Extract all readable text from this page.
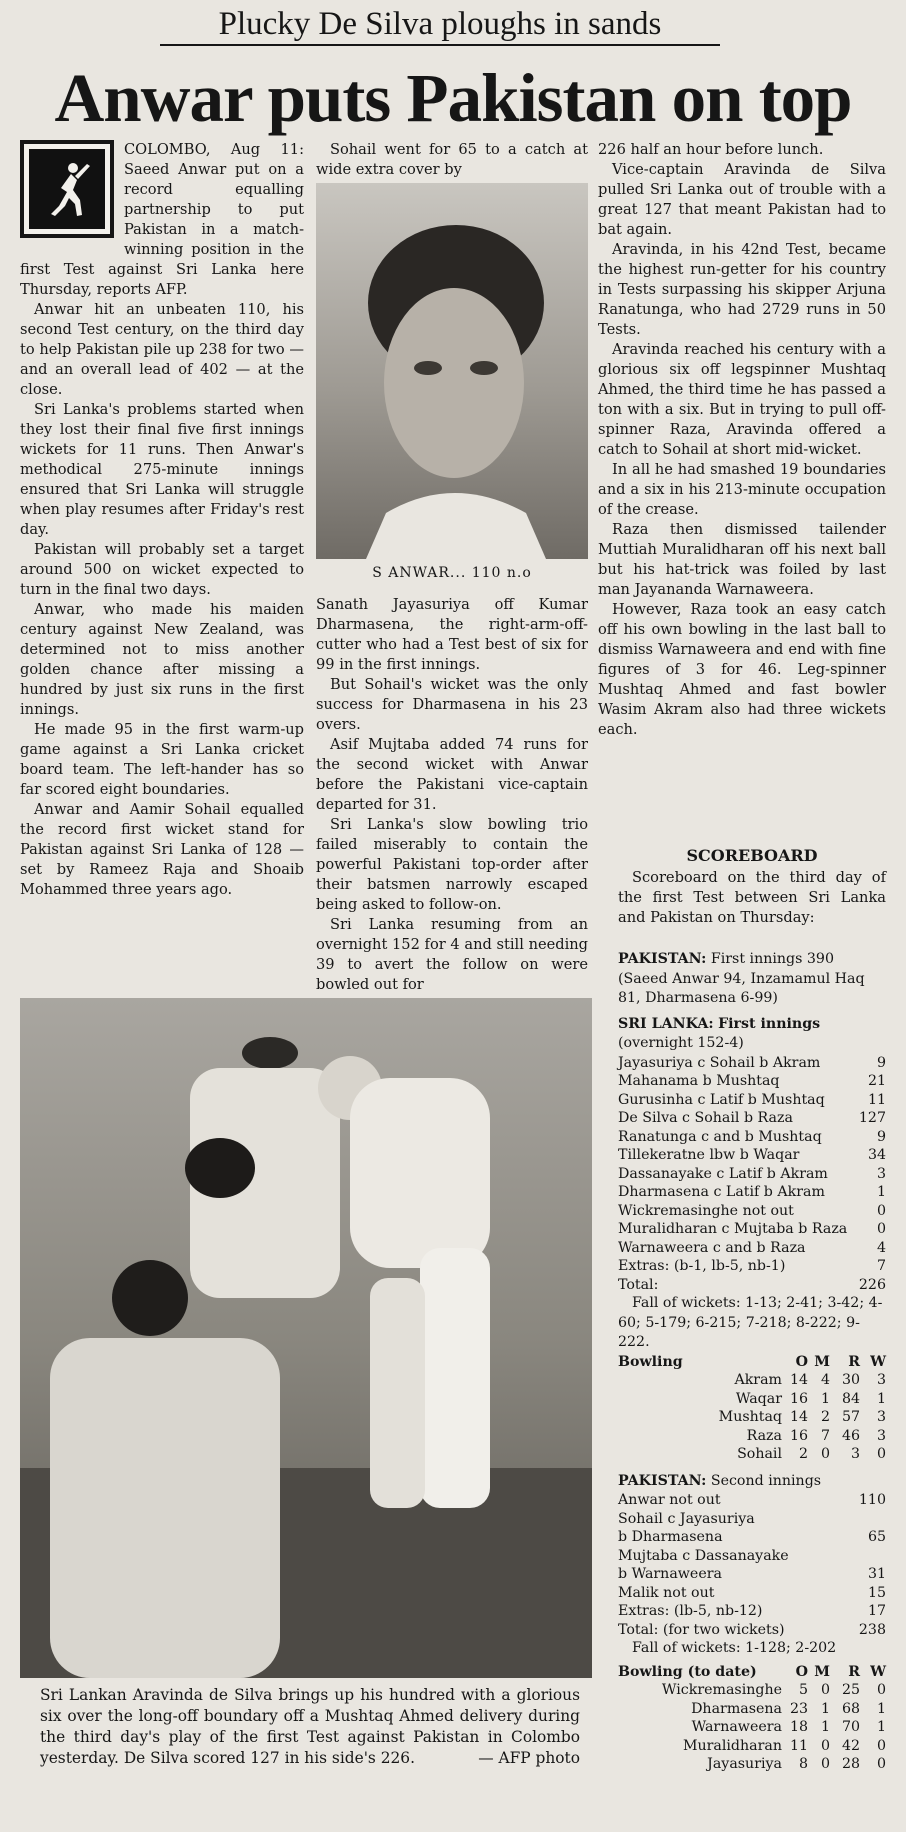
Plucky De Silva ploughs in sands
Anwar puts Pakistan on top

COLOMBO, Aug 11: Saeed Anwar put on a record equalling partnership to put Pakistan in a match-winning position in the first Test against Sri Lanka here Thursday, reports AFP.

Anwar hit an unbeaten 110, his second Test century, on the third day to help Pakistan pile up 238 for two — and an overall lead of 402 — at the close.

Sri Lanka's problems started when they lost their final five first innings wickets for 11 runs. Then Anwar's methodical 275-minute innings ensured that Sri Lanka will struggle when play resumes after Friday's rest day.

Pakistan will probably set a target around 500 on wicket expected to turn in the final two days.

Anwar, who made his maiden century against New Zealand, was determined not to miss another golden chance after missing a hundred by just six runs in the first innings.

He made 95 in the first warm-up game against a Sri Lanka cricket board team. The left-hander has so far scored eight boundaries.

Anwar and Aamir Sohail equalled the record first wicket stand for Pakistan against Sri Lanka of 128 — set by Rameez Raja and Shoaib Mohammed three years ago.

Sohail went for 65 to a catch at wide extra cover by

S ANWAR... 110 n.o

Sanath Jayasuriya off Kumar Dharmasena, the right-arm-off-cutter who had a Test best of six for 99 in the first innings.

But Sohail's wicket was the only success for Dharmasena in his 23 overs.

Asif Mujtaba added 74 runs for the second wicket with Anwar before the Pakistani vice-captain departed for 31.

Sri Lanka's slow bowling trio failed miserably to contain the powerful Pakistani top-order after their batsmen narrowly escaped being asked to follow-on.

Sri Lanka resuming from an overnight 152 for 4 and still needing 39 to avert the follow on were bowled out for

226 half an hour before lunch.

Vice-captain Aravinda de Silva pulled Sri Lanka out of trouble with a great 127 that meant Pakistan had to bat again.

Aravinda, in his 42nd Test, became the highest run-getter for his country in Tests surpassing his skipper Arjuna Ranatunga, who had 2729 runs in 50 Tests.

Aravinda reached his century with a glorious six off legspinner Mushtaq Ahmed, the third time he has passed a ton with a six. But in trying to pull off-spinner Raza, Aravinda offered a catch to Sohail at short mid-wicket.

In all he had smashed 19 boundaries and a six in his 213-minute occupation of the crease.

Raza then dismissed tailender Muttiah Muralidharan off his next ball but his hat-trick was foiled by last man Jayananda Warnaweera.

However, Raza took an easy catch off his own bowling in the last ball to dismiss Warnaweera and end with fine figures of 3 for 46. Leg-spinner Mushtaq Ahmed and fast bowler Wasim Akram also had three wickets each.

SCOREBOARD

Scoreboard on the third day of the first Test between Sri Lanka and Pakistan on Thursday:

PAKISTAN: First innings 390 (Saeed Anwar 94, Inzamamul Haq 81, Dharmasena 6-99)
SRI LANKA: First innings
(overnight 152-4)
Jayasuriya c Sohail b Akram	9
Mahanama b Mushtaq	21
Gurusinha c Latif b Mushtaq	11
De Silva c Sohail b Raza	127
Ranatunga c and b Mushtaq	9
Tillekeratne lbw b Waqar	34
Dassanayake c Latif b Akram	3
Dharmasena c Latif b Akram	1
Wickremasinghe not out	0
Muralidharan c Mujtaba b Raza	0
Warnaweera c and b Raza	4
Extras: (b-1, lb-5, nb-1)	7
Total:	226
Fall of wickets: 1-13; 2-41; 3-42; 4-60; 5-179; 6-215; 7-218; 8-222; 9-222.
Bowling	O M	R W
Akram 14 4 30	3
Waqar 16 1 84	1
Mushtaq 14 2 57	3
Raza 16 7 46	3
Sohail	2 0	3	0
PAKISTAN: Second innings
Anwar not out	110
Sohail c Jayasuriya
b Dharmasena	65
Mujtaba c Dassanayake
b Warnaweera	31
Malik not out	15
Extras: (lb-5, nb-12)	17
Total: (for two wickets)	238
Fall of wickets: 1-128; 2-202
Bowling (to date)	O M	R W
Wickremasinghe	5 0 25	0
Dharmasena 23 1 68	1
Warnaweera 18 1 70	1
Muralidharan 11 0 42	0
Jayasuriya	8 0 28	0
Sri Lankan Aravinda de Silva brings up his hundred with a glorious six over the long-off boundary off a Mushtaq Ahmed delivery during the third day's play of the first Test against Pakistan in Colombo yesterday. De Silva scored 127 in his side's 226.	— AFP photo
